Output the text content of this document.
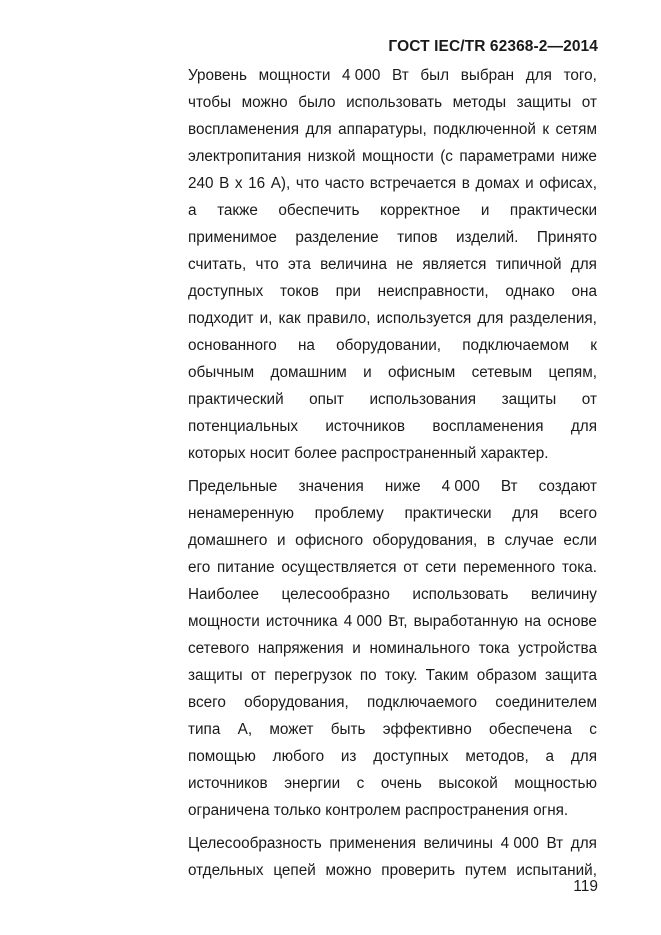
ГОСТ IEC/TR 62368-2—2014
Уровень мощности 4 000 Вт был выбран для того,
чтобы можно было использовать методы защиты от
воспламенения для аппаратуры, подключенной к сетям
электропитания низкой мощности (с параметрами ниже
240 В х 16 А), что часто встречается в домах и офисах,
а также обеспечить корректное и практически
применимое разделение типов изделий. Принято
считать, что эта величина не является типичной для
доступных токов при неисправности, однако она
подходит и, как правило, используется для разделения,
основанного на оборудовании, подключаемом к
обычным домашним и офисным сетевым цепям,
практический опыт использования защиты от
потенциальных источников воспламенения для
которых носит более распространенный характер.
Предельные значения ниже 4 000 Вт создают
ненамеренную проблему практически для всего
домашнего и офисного оборудования, в случае если
его питание осуществляется от сети переменного тока.
Наиболее целесообразно использовать величину
мощности источника 4 000 Вт, выработанную на основе
сетевого напряжения и номинального тока устройства
защиты от перегрузок по току. Таким образом защита
всего оборудования, подключаемого соединителем
типа А, может быть эффективно обеспечена с
помощью любого из доступных методов, а для
источников энергии с очень высокой мощностью
ограничена только контролем распространения огня.
Целесообразность применения величины 4 000 Вт для
отдельных цепей можно проверить путем испытаний,
119
